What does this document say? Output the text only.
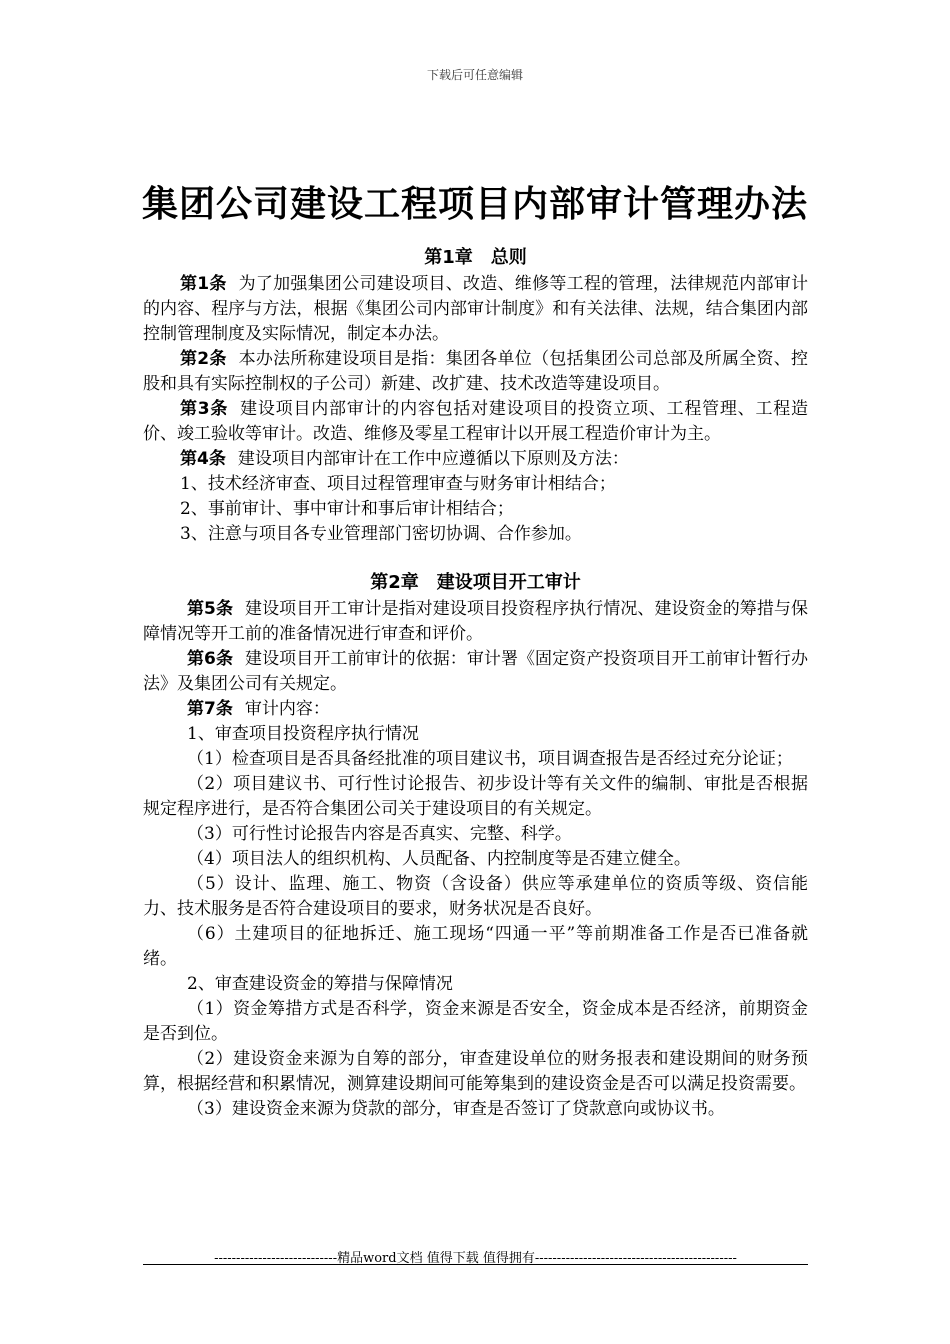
下载后可任意编辑
集团公司建设工程项目内部审计管理办法
第1章　总则
第1条 为了加强集团公司建设项目、改造、维修等工程的管理，法律规范内部审计的内容、程序与方法，根据《集团公司内部审计制度》和有关法律、法规，结合集团内部控制管理制度及实际情况，制定本办法。
第2条 本办法所称建设项目是指：集团各单位（包括集团公司总部及所属全资、控股和具有实际控制权的子公司）新建、改扩建、技术改造等建设项目。
第3条 建设项目内部审计的内容包括对建设项目的投资立项、工程管理、工程造价、竣工验收等审计。改造、维修及零星工程审计以开展工程造价审计为主。
第4条 建设项目内部审计在工作中应遵循以下原则及方法：
1、技术经济审查、项目过程管理审查与财务审计相结合；
2、事前审计、事中审计和事后审计相结合；
3、注意与项目各专业管理部门密切协调、合作参加。
第2章　建设项目开工审计
第5条 建设项目开工审计是指对建设项目投资程序执行情况、建设资金的筹措与保障情况等开工前的准备情况进行审查和评价。
第6条 建设项目开工前审计的依据：审计署《固定资产投资项目开工前审计暂行办法》及集团公司有关规定。
第7条 审计内容：
1、审查项目投资程序执行情况
（1）检查项目是否具备经批准的项目建议书，项目调查报告是否经过充分论证；
（2）项目建议书、可行性讨论报告、初步设计等有关文件的编制、审批是否根据规定程序进行，是否符合集团公司关于建设项目的有关规定。
（3）可行性讨论报告内容是否真实、完整、科学。
（4）项目法人的组织机构、人员配备、内控制度等是否建立健全。
（5）设计、监理、施工、物资（含设备）供应等承建单位的资质等级、资信能力、技术服务是否符合建设项目的要求，财务状况是否良好。
（6）土建项目的征地拆迁、施工现场“四通一平”等前期准备工作是否已准备就绪。
2、审查建设资金的筹措与保障情况
（1）资金筹措方式是否科学，资金来源是否安全，资金成本是否经济，前期资金是否到位。
（2）建设资金来源为自筹的部分，审查建设单位的财务报表和建设期间的财务预算，根据经营和积累情况，测算建设期间可能筹集到的建设资金是否可以满足投资需要。
（3）建设资金来源为贷款的部分，审查是否签订了贷款意向或协议书。
----------------------------精品word文档 值得下载 值得拥有----------------------------------------------
